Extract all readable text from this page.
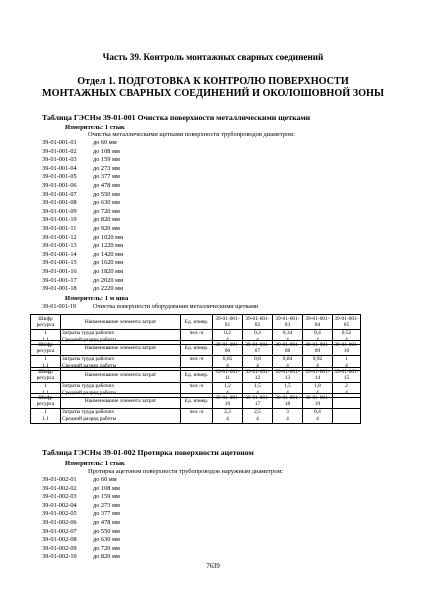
Часть 39. Контроль монтажных сварных соединений
Отдел 1. ПОДГОТОВКА К КОНТРОЛЮ ПОВЕРХНОСТИ
МОНТАЖНЫХ СВАРНЫХ СОЕДИНЕНИЙ И ОКОЛОШОВНОЙ ЗОНЫ
Таблица ГЭСНм 39-01-001 Очистка поверхности металлическими щетками
Измеритель: 1 стык
Очистка металлическими щетками поверхности трубопроводов диаметром:
39-01-001-01	до 60 мм
39-01-001-02	до 108 мм
39-01-001-03	до 159 мм
39-01-001-04	до 273 мм
39-01-001-05	до 377 мм
39-01-001-06	до 478 мм
39-01-001-07	до 550 мм
39-01-001-08	до 630 мм
39-01-001-09	до 720 мм
39-01-001-10	до 820 мм
39-01-001-11	до 920 мм
39-01-001-12	до 1020 мм
39-01-001-13	до 1220 мм
39-01-001-14	до 1420 мм
39-01-001-15	до 1620 мм
39-01-001-16	до 1820 мм
39-01-001-17	до 2020 мм
39-01-001-18	до 2220 мм
Измеритель: 1 м шва
39-01-001-19	Очистка поверхности оборудования металлическими щетками
Шифр ресурса	Наименование элемента затрат	Ед. измер.	39-01-001-01	39-01-001-02	39-01-001-03	39-01-001-04	39-01-001-05
1	Затраты труда рабочих	чел.-ч	0,2	0,3	0,34	0,4	0,52
1.1	Средний разряд работы		4	4	4	4	4
Шифр ресурса	Наименование элемента затрат	Ед. измер.	39-01-001-06	39-01-001-07	39-01-001-08	39-01-001-09	39-01-001-10
1	Затраты труда рабочих	чел.-ч	0,65	0,8	0,84	0,92	1
1.1	Средний разряд работы		4	4	4	4	4
Шифр ресурса	Наименование элемента затрат	Ед. измер.	39-01-001-11	39-01-001-12	39-01-001-13	39-01-001-14	39-01-001-15
1	Затраты труда рабочих	чел.-ч	1,2	1,5	1,5	1,8	2
1.1	Средний разряд работы		4	4	4	4	4
Шифр ресурса	Наименование элемента затрат	Ед. измер.	39-01-001-16	39-01-001-17	39-01-001-18	39-01-001-19	
1	Затраты труда рабочих	чел.-ч	2,3	2,5	3	0,4	
1.1	Средний разряд работы		4	4	4	4	
Таблица ГЭСНм 39-01-002 Протирка поверхности ацетоном
Измеритель: 1 стык
Протирка ацетоном поверхности трубопроводов наружным диаметром:
39-01-002-01	до 60 мм
39-01-002-02	до 108 мм
39-01-002-03	до 159 мм
39-01-002-04	до 273 мм
39-01-002-05	до 377 мм
39-01-002-06	до 478 мм
39-01-002-07	до 550 мм
39-01-002-08	до 630 мм
39-01-002-09	до 720 мм
39-01-002-10	до 820 мм
7639
